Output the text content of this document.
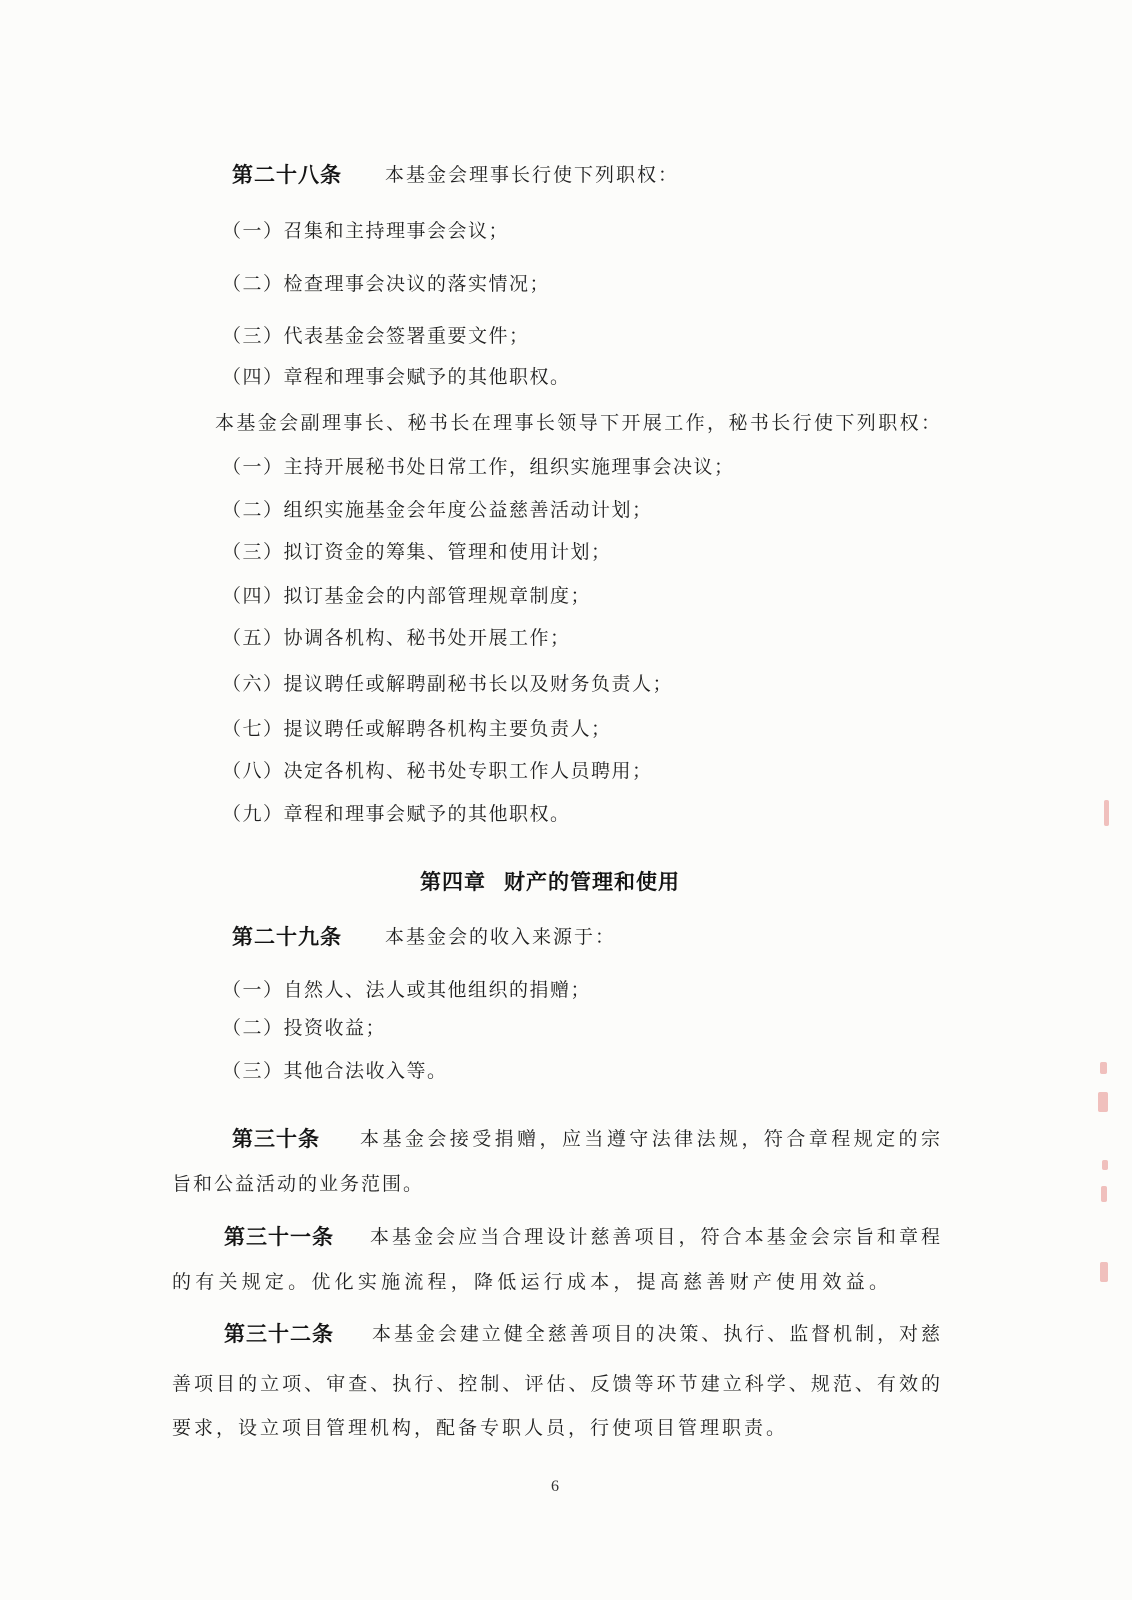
第二十八条 本基金会理事长行使下列职权：
（一）召集和主持理事会会议；
（二）检查理事会决议的落实情况；
（三）代表基金会签署重要文件；
（四）章程和理事会赋予的其他职权。
本基金会副理事长、秘书长在理事长领导下开展工作，秘书长行使下列职权：
（一）主持开展秘书处日常工作，组织实施理事会决议；
（二）组织实施基金会年度公益慈善活动计划；
（三）拟订资金的筹集、管理和使用计划；
（四）拟订基金会的内部管理规章制度；
（五）协调各机构、秘书处开展工作；
（六）提议聘任或解聘副秘书长以及财务负责人；
（七）提议聘任或解聘各机构主要负责人；
（八）决定各机构、秘书处专职工作人员聘用；
（九）章程和理事会赋予的其他职权。
第四章 财产的管理和使用
第二十九条 本基金会的收入来源于：
（一）自然人、法人或其他组织的捐赠；
（二）投资收益；
（三）其他合法收入等。
第三十条 本基金会接受捐赠，应当遵守法律法规，符合章程规定的宗
旨和公益活动的业务范围。
第三十一条 本基金会应当合理设计慈善项目，符合本基金会宗旨和章程
的有关规定。优化实施流程，降低运行成本，提高慈善财产使用效益。
第三十二条 本基金会建立健全慈善项目的决策、执行、监督机制，对慈
善项目的立项、审查、执行、控制、评估、反馈等环节建立科学、规范、有效的
要求，设立项目管理机构，配备专职人员，行使项目管理职责。
6
